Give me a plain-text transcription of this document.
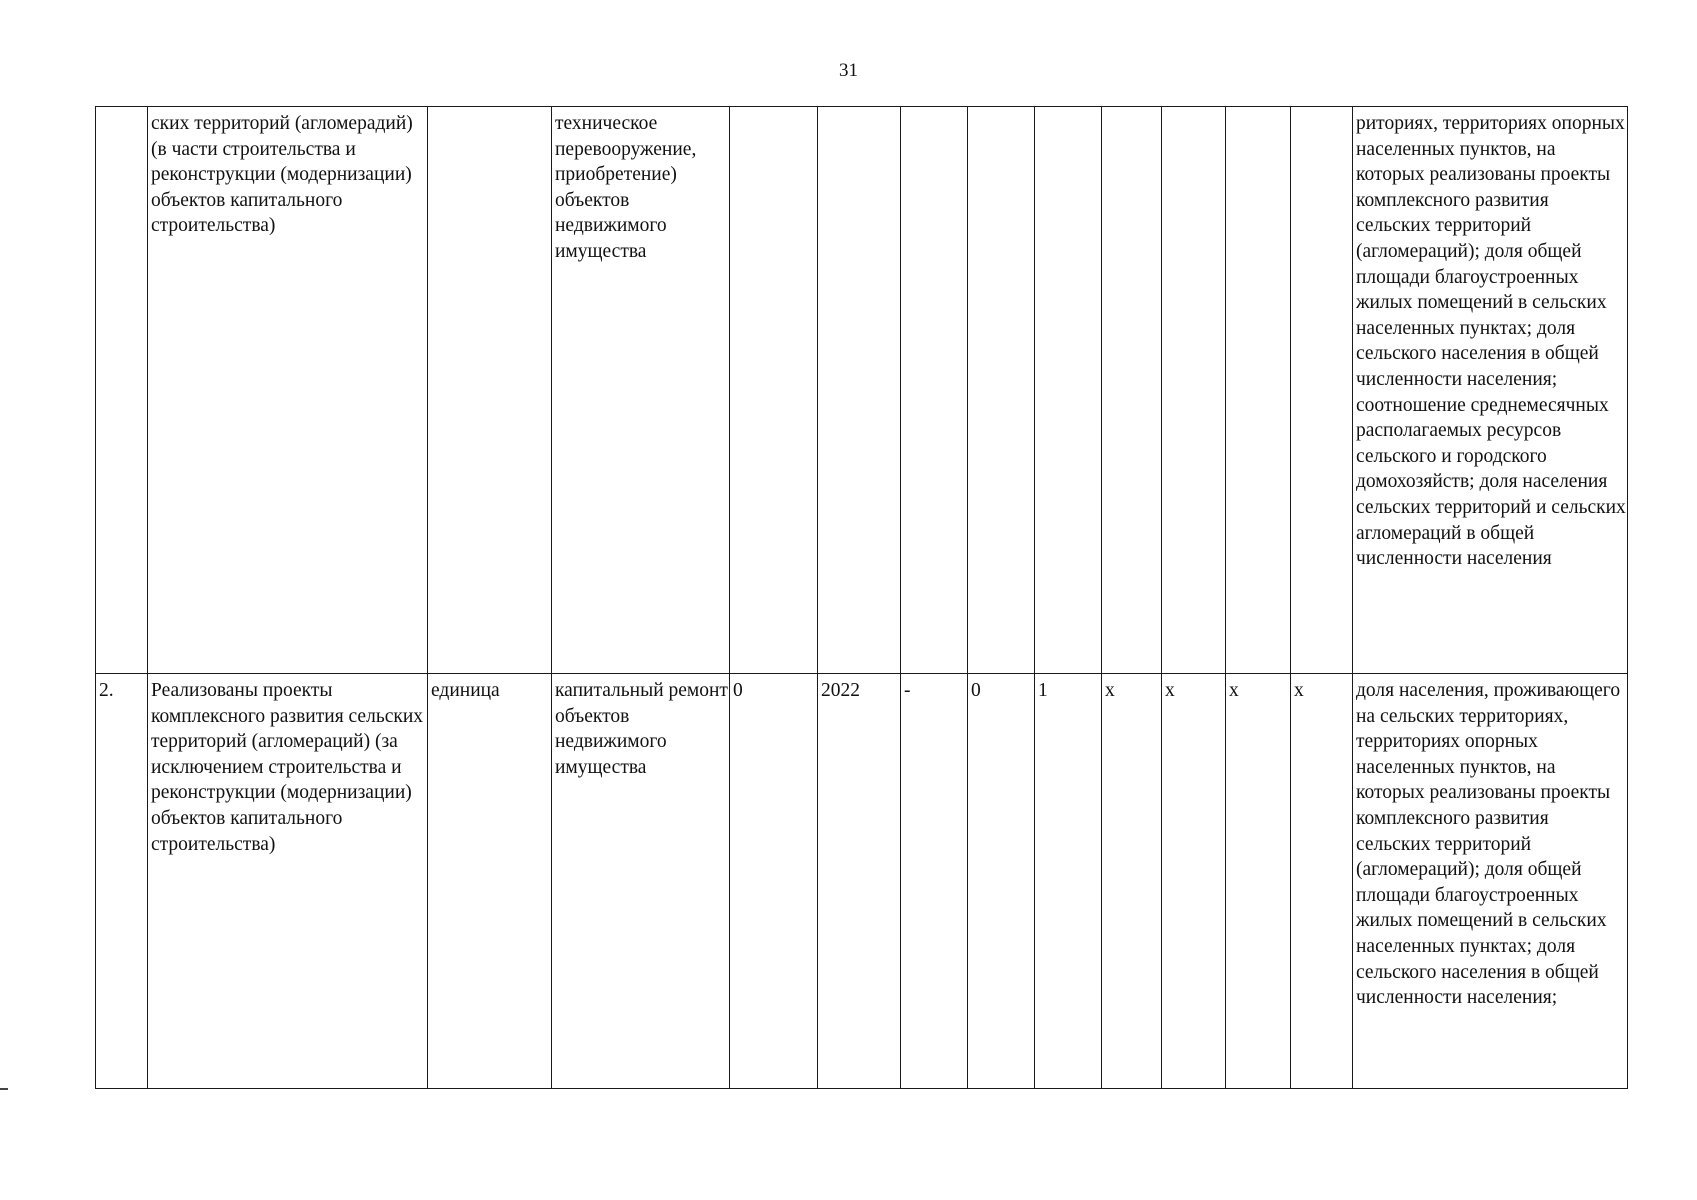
31

	ских территорий (агломерадий) (в части строительства и реконструкции (модернизации) объектов капитального строительства)		техническое перевооружение, приобретение) объектов недвижимого имущества										риториях, территориях опорных населенных пунктов, на которых реализованы проекты комплексного развития сельских территорий (агломераций); доля общей площади благоустроенных жилых помещений в сельских населенных пунктах; доля сельского населения в общей численности населения; соотношение среднемесячных располагаемых ресурсов сельского и городского домохозяйств; доля населения сельских территорий и сельских агломераций в общей численности населения

2.	Реализованы проекты комплексного развития сельских территорий (агломераций) (за исключением строительства и реконструкции (модернизации) объектов капитального строительства)	единица	капитальный ремонт объектов недвижимого имущества	0	2022	-	0	1	x	x	x	x	доля населения, проживающего на сельских территориях, территориях опорных населенных пунктов, на которых реализованы проекты комплексного развития сельских территорий (агломераций); доля общей площади благоустроенных жилых помещений в сельских населенных пунктах; доля сельского населения в общей численности населения;
